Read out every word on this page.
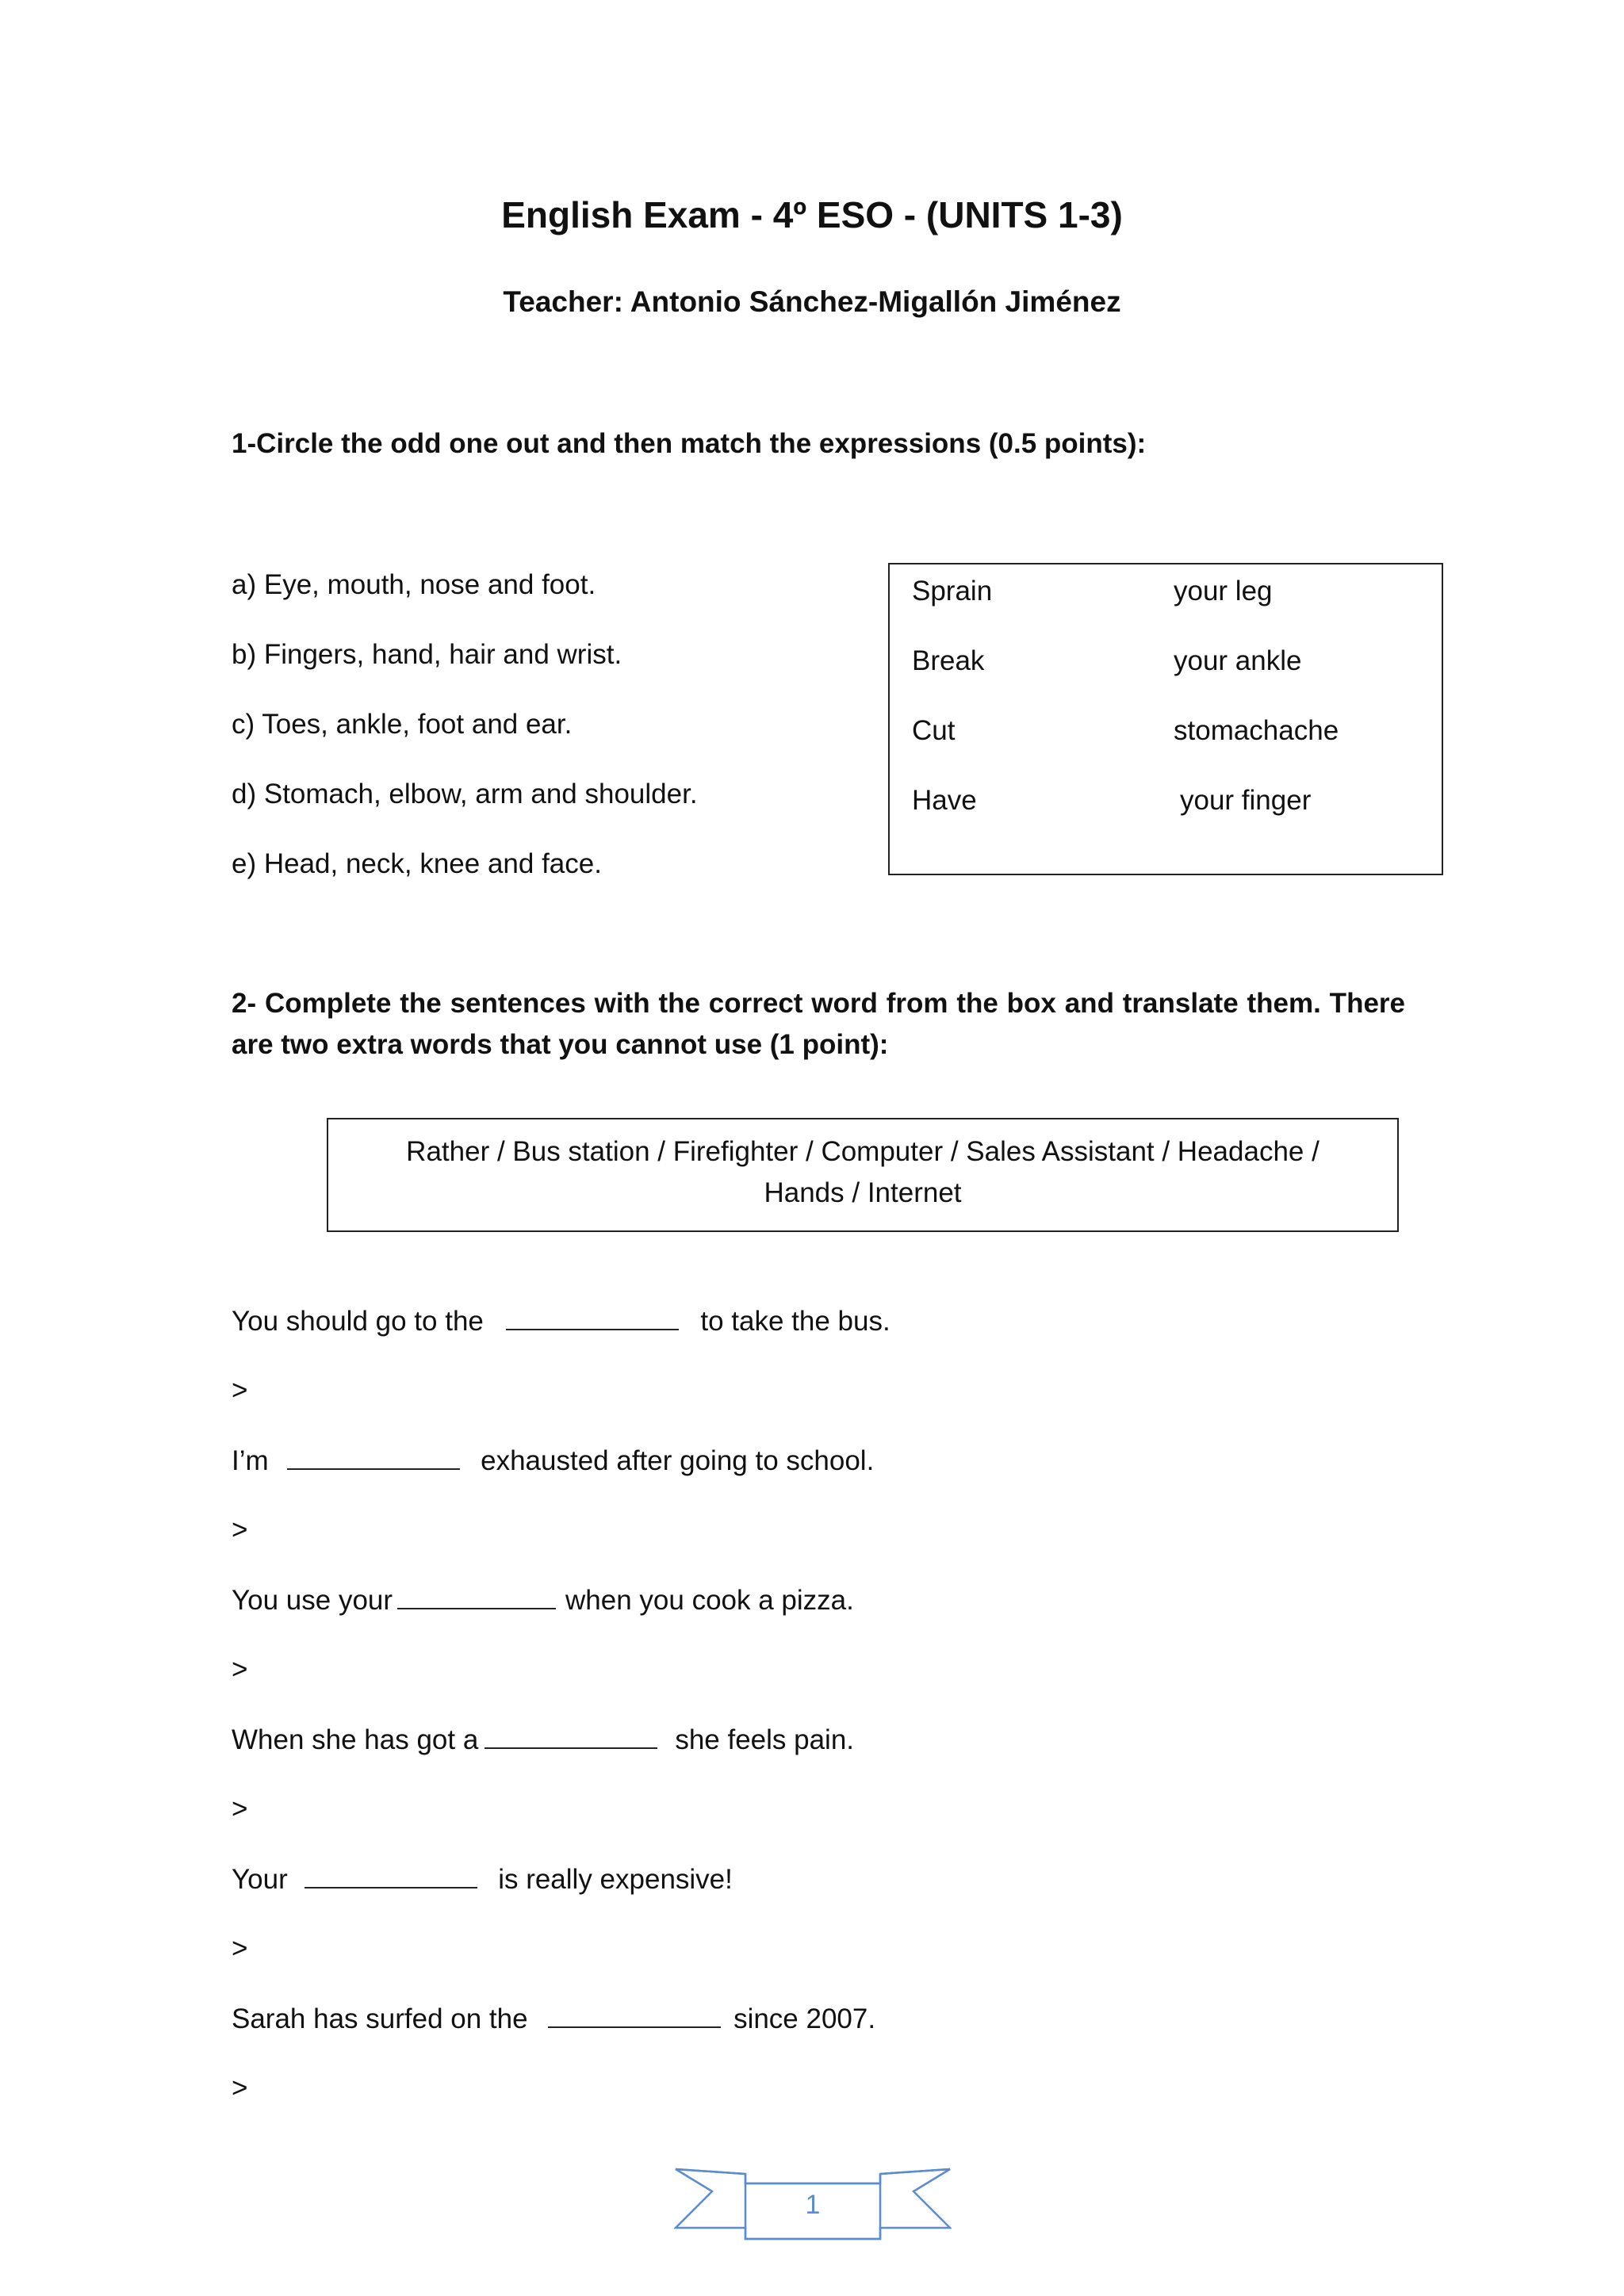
English Exam - 4º ESO - (UNITS 1-3)
Teacher: Antonio Sánchez-Migallón Jiménez
1-Circle the odd one out and then match the expressions (0.5 points):
a) Eye, mouth, nose and foot.
b) Fingers, hand, hair and wrist.
c) Toes, ankle, foot and ear.
d) Stomach, elbow, arm and shoulder.
e) Head, neck, knee and face.
Sprain	your leg
Break	your ankle
Cut	stomachache
Have	your finger
2- Complete the sentences with the correct word from the box and translate them. There are two extra words that you cannot use (1 point):
Rather / Bus station / Firefighter / Computer / Sales Assistant / Headache /
Hands / Internet
You should go to the	to take the bus.
>
I’m	exhausted after going to school.
>
You use your	when you cook a pizza.
>
When she has got a	she feels pain.
>
Your	is really expensive!
>
Sarah has surfed on the	since 2007.
>
1
